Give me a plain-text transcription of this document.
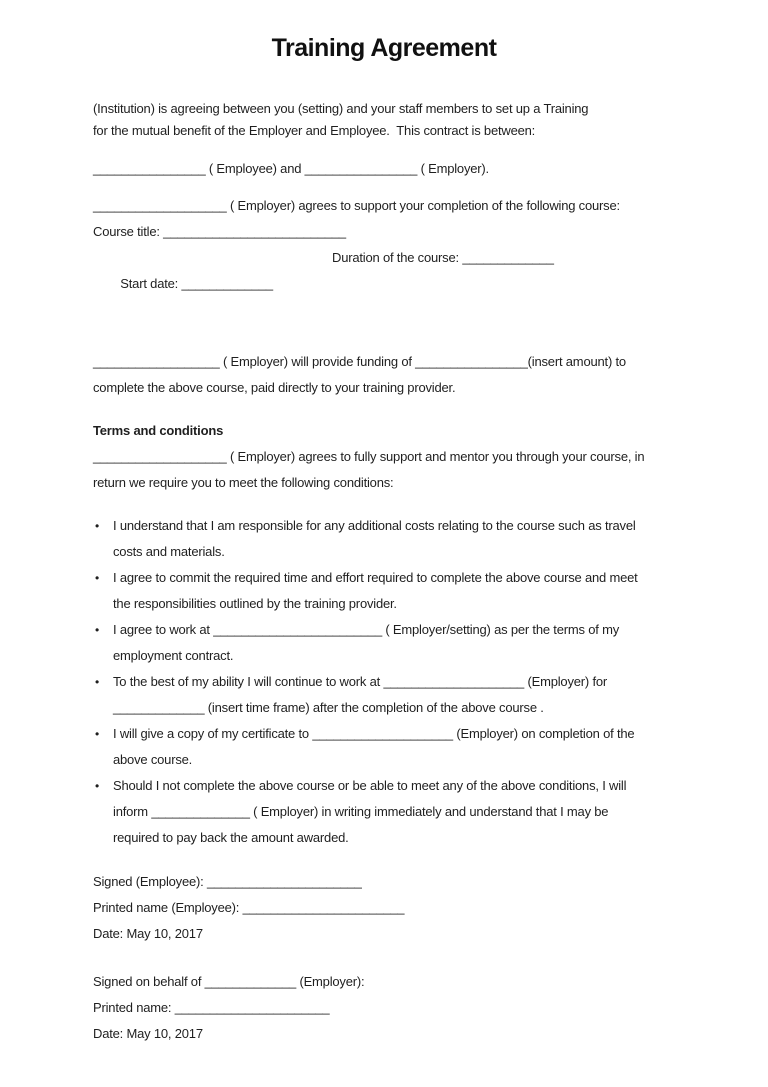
Training Agreement
(Institution) is agreeing between you (setting) and your staff members to set up a Training
for the mutual benefit of the Employer and Employee.  This contract is between:
________________ ( Employee) and ________________ ( Employer).
___________________ ( Employer) agrees to support your completion of the following course:
Course title: __________________________

Start date: _____________

Duration of the course: _____________

__________________ ( Employer) will provide funding of ________________(insert amount) to
complete the above course, paid directly to your training provider.
Terms and conditions
___________________ ( Employer) agrees to fully support and mentor you through your course, in
return we require you to meet the following conditions:
• I understand that I am responsible for any additional costs relating to the course such as travel
costs and materials.
• I agree to commit the required time and effort required to complete the above course and meet
the responsibilities outlined by the training provider.
• I agree to work at ________________________ ( Employer/setting) as per the terms of my
employment contract.
• To the best of my ability I will continue to work at ____________________ (Employer) for
_____________ (insert time frame) after the completion of the above course .
• I will give a copy of my certificate to ____________________ (Employer) on completion of the
above course.
• Should I not complete the above course or be able to meet any of the above conditions, I will
inform ______________ ( Employer) in writing immediately and understand that I may be
required to pay back the amount awarded.
Signed (Employee): ______________________
Printed name (Employee): _______________________
Date: May 10, 2017
Signed on behalf of _____________ (Employer):
Printed name: ______________________
Date: May 10, 2017
